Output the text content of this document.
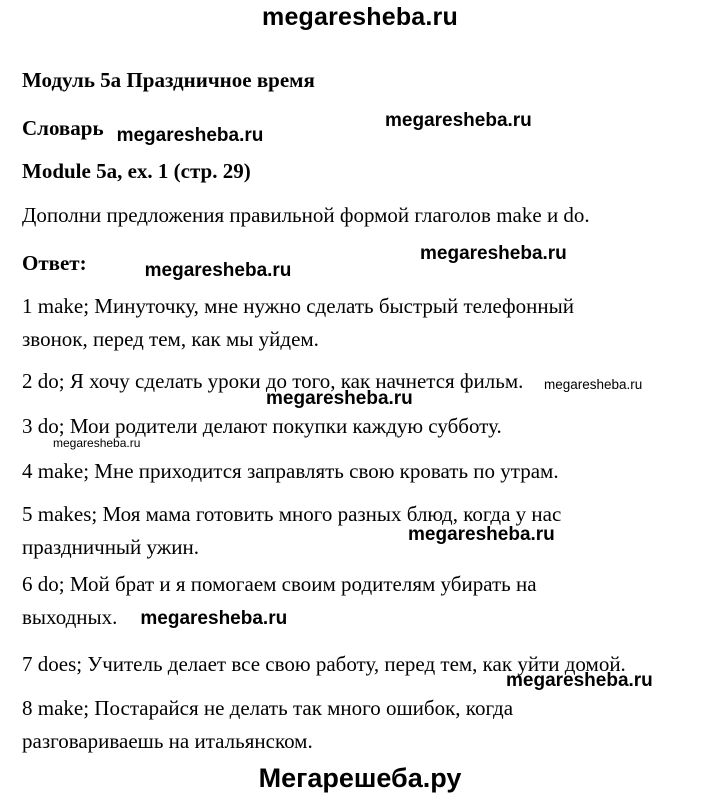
megaresheba.ru

Модуль 5a Праздничное время

Словарь megaresheba.ru

Module 5a, ex. 1 (стр. 29)

Дополни предложения правильной формой глаголов make и do.

Ответ:	megaresheba.ru

1 make; Минуточку, мне нужно сделать быстрый телефонный
звонок, перед тем, как мы уйдем.

2 do; Я хочу сделать уроки до того, как начнется фильм.

3 do; Мои родители делают покупки каждую субботу.

4 make; Мне приходится заправлять свою кровать по утрам.

5 makes; Моя мама готовить много разных блюд, когда у нас
праздничный ужин.

6 do; Мой брат и я помогаем своим родителям убирать на
выходных. megaresheba.ru

7 does; Учитель делает все свою работу, перед тем, как уйти домой.

8 make; Постарайся не делать так много ошибок, когда
разговариваешь на итальянском.

Мегарешеба.ру
megaresheba.ru
megaresheba.ru
megaresheba.ru
megaresheba.ru
megaresheba.ru
megaresheba.ru
megaresheba.ru
